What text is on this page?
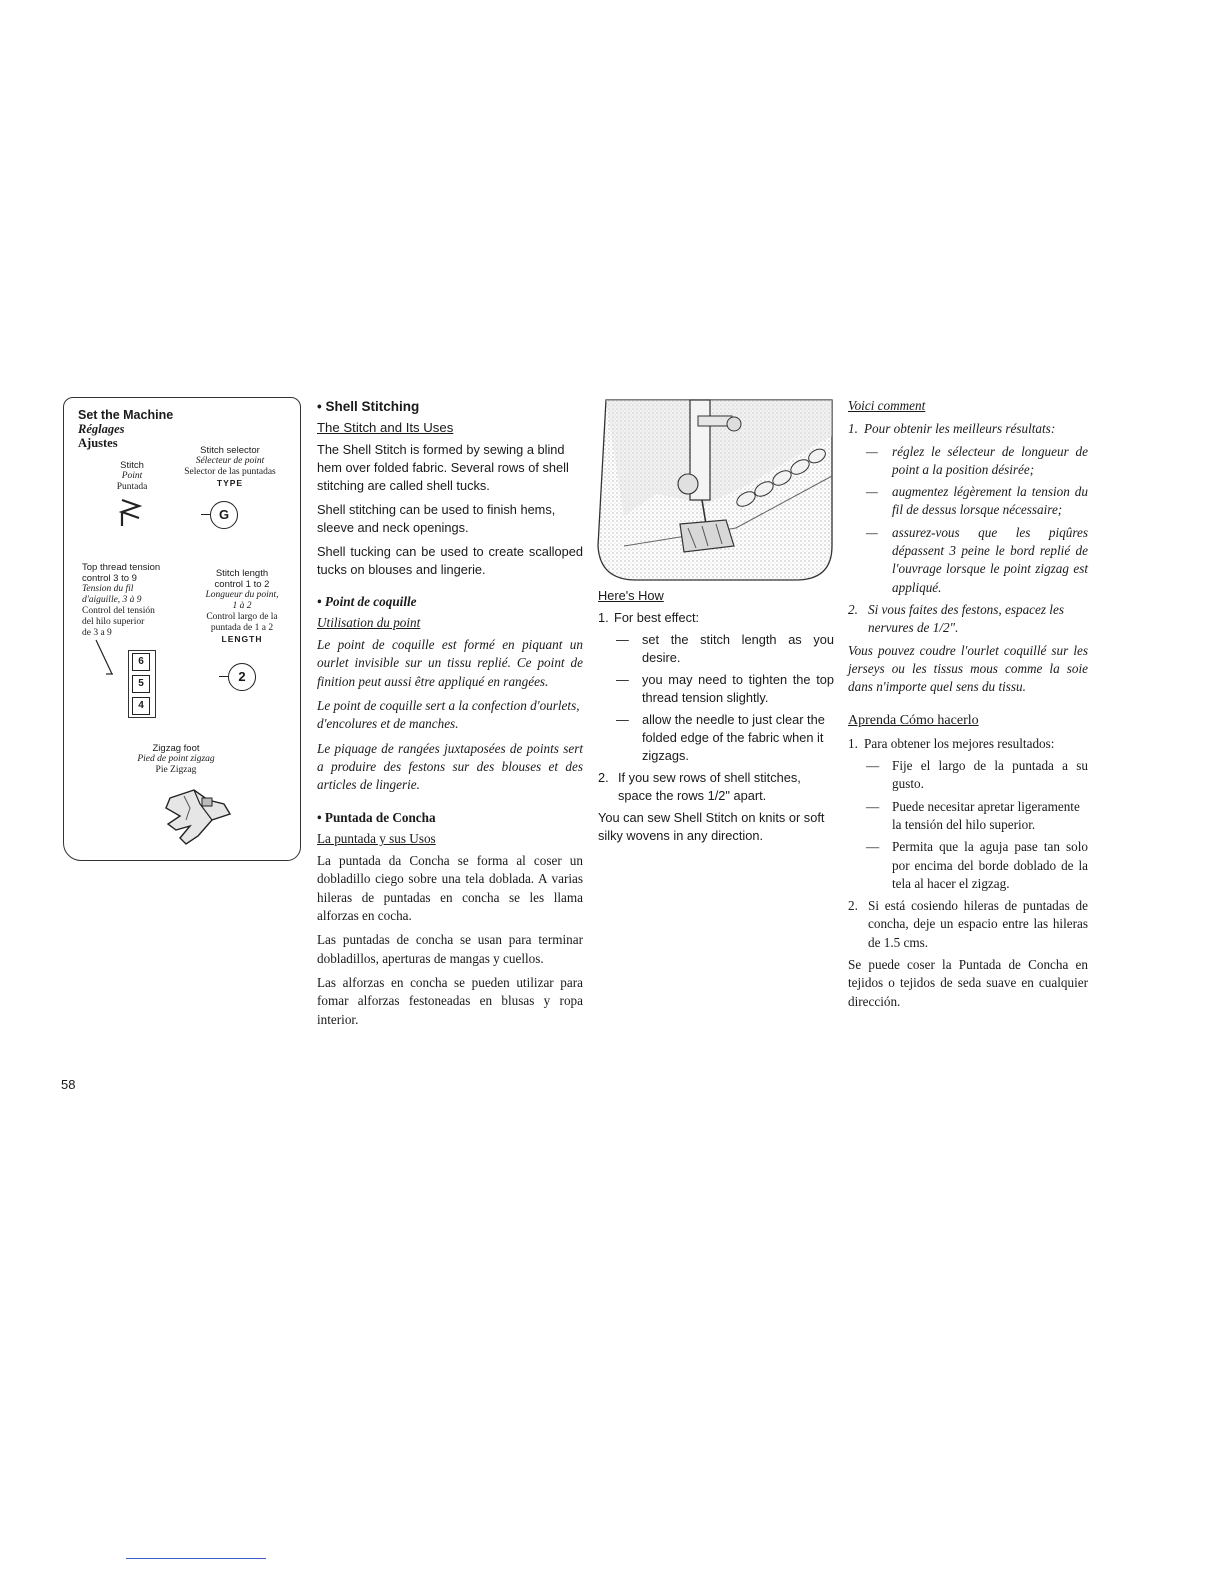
Set the Machine
Réglages
Ajustes
Stitch
Point
Puntada
Stitch selector
Sélecteur de point
Selector de las puntadas
TYPE
G
Top thread tension
control 3 to 9
Tension du fil
d'aiguille, 3 à 9
Control del tensión
del hilo superior
de 3 a 9
6
5
4
Stitch length
control 1 to 2
Longueur du point,
1 à 2
Control largo de la
puntada de 1 a 2
LENGTH
2
Zigzag foot
Pied de point zigzag
Pie Zigzag
• Shell Stitching
The Stitch and Its Uses

The Shell Stitch is formed by sewing a blind hem over folded fabric. Several rows of shell stitching are called shell tucks.

Shell stitching can be used to finish hems, sleeve and neck openings.

Shell tucking can be used to create scalloped tucks on blouses and lingerie.

• Point de coquille
Utilisation du point

Le point de coquille est formé en piquant un ourlet invisible sur un tissu replié. Ce point de finition peut aussi être appliqué en rangées.

Le point de coquille sert a la confection d'ourlets, d'encolures et de manches.

Le piquage de rangées juxtaposées de points sert a produire des festons sur des blouses et des articles de lingerie.

• Puntada de Concha
La puntada y sus Usos

La puntada da Concha se forma al coser un dobladillo ciego sobre una tela doblada. A varias hileras de puntadas en concha se les llama alforzas en cocha.

Las puntadas de concha se usan para terminar dobladillos, aperturas de mangas y cuellos.

Las alforzas en concha se pueden utilizar para fomar alforzas festoneadas en blusas y ropa interior.

Here's How
1. For best effect:
— set the stitch length as you desire.
— you may need to tighten the top thread tension slightly.
— allow the needle to just clear the folded edge of the fabric when it zigzags.
2. If you sew rows of shell stitches, space the rows 1/2" apart.

You can sew Shell Stitch on knits or soft silky wovens in any direction.

Voici comment
1. Pour obtenir les meilleurs résultats:
— réglez le sélecteur de longueur de point a la position désirée;
— augmentez légèrement la tension du fil de dessus lorsque nécessaire;
— assurez-vous que les piqûres dépassent 3 peine le bord replié de l'ouvrage lorsque le point zigzag est appliqué.
2. Si vous faites des festons, espacez les nervures de 1/2".

Vous pouvez coudre l'ourlet coquillé sur les jerseys ou les tissus mous comme la soie dans n'importe quel sens du tissu.

Aprenda Cómo hacerlo
1. Para obtener los mejores resultados:
— Fije el largo de la puntada a su gusto.
— Puede necesitar apretar ligeramente la tensión del hilo superior.
— Permita que la aguja pase tan solo por encima del borde doblado de la tela al hacer el zigzag.
2. Si está cosiendo hileras de puntadas de concha, deje un espacio entre las hileras de 1.5 cms.

Se puede coser la Puntada de Concha en tejidos o tejidos de seda suave en cualquier dirección.

58
